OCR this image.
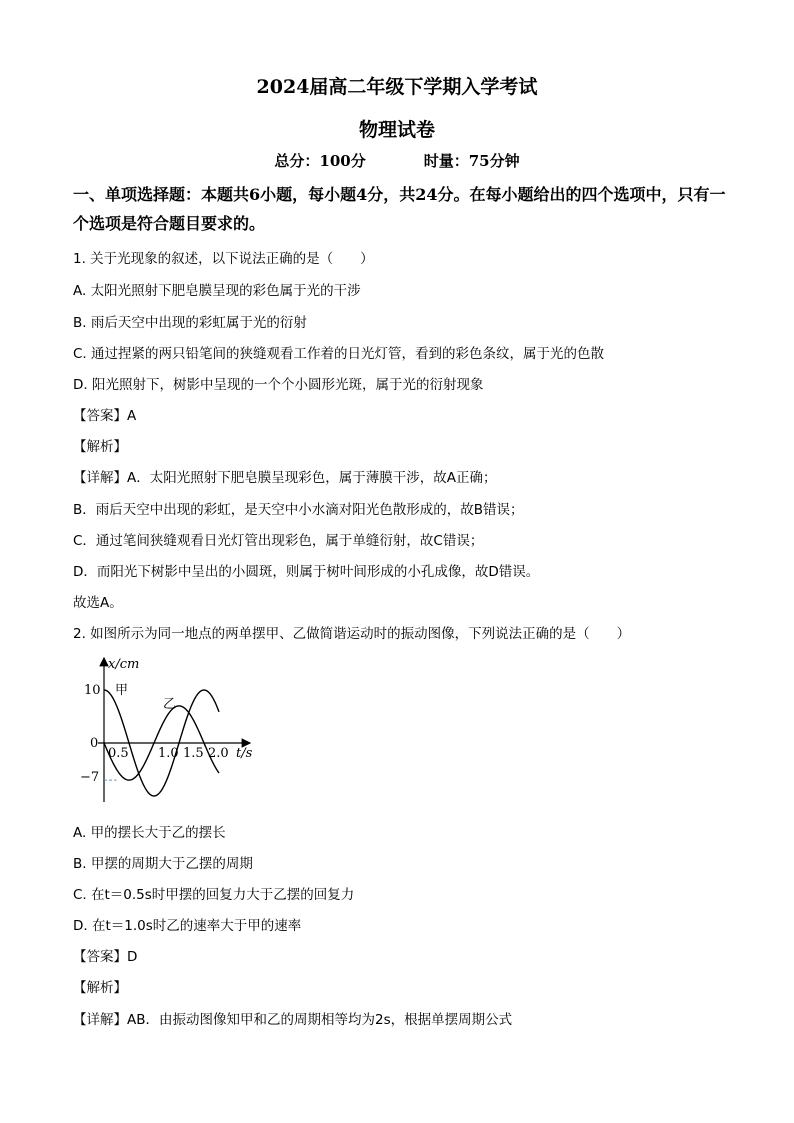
2024届高二年级下学期入学考试
物理试卷
总分：100分	时量：75分钟
一、单项选择题：本题共6小题，每小题4分，共24分。在每小题给出的四个选项中，只有一个选项是符合题目要求的。
1. 关于光现象的叙述，以下说法正确的是（　　）
A. 太阳光照射下肥皂膜呈现的彩色属于光的干涉
B. 雨后天空中出现的彩虹属于光的衍射
C. 通过捏紧的两只铅笔间的狭缝观看工作着的日光灯管，看到的彩色条纹，属于光的色散
D. 阳光照射下，树影中呈现的一个个小圆形光斑，属于光的衍射现象
【答案】A
【解析】
【详解】A．太阳光照射下肥皂膜呈现彩色，属于薄膜干涉，故A正确；
B．雨后天空中出现的彩虹，是天空中小水滴对阳光色散形成的，故B错误；
C．通过笔间狭缝观看日光灯管出现彩色，属于单缝衍射，故C错误；
D．而阳光下树影中呈出的小圆斑，则属于树叶间形成的小孔成像，故D错误。
故选A。
2. 如图所示为同一地点的两单摆甲、乙做简谐运动时的振动图像，下列说法正确的是（　　）
x/cm
10
0
−7
0.5 1.0 1.5 2.0 t/s
甲
乙
A. 甲的摆长大于乙的摆长
B. 甲摆的周期大于乙摆的周期
C. 在t＝0.5s时甲摆的回复力大于乙摆的回复力
D. 在t＝1.0s时乙的速率大于甲的速率
【答案】D
【解析】
【详解】AB．由振动图像知甲和乙的周期相等均为2s，根据单摆周期公式
